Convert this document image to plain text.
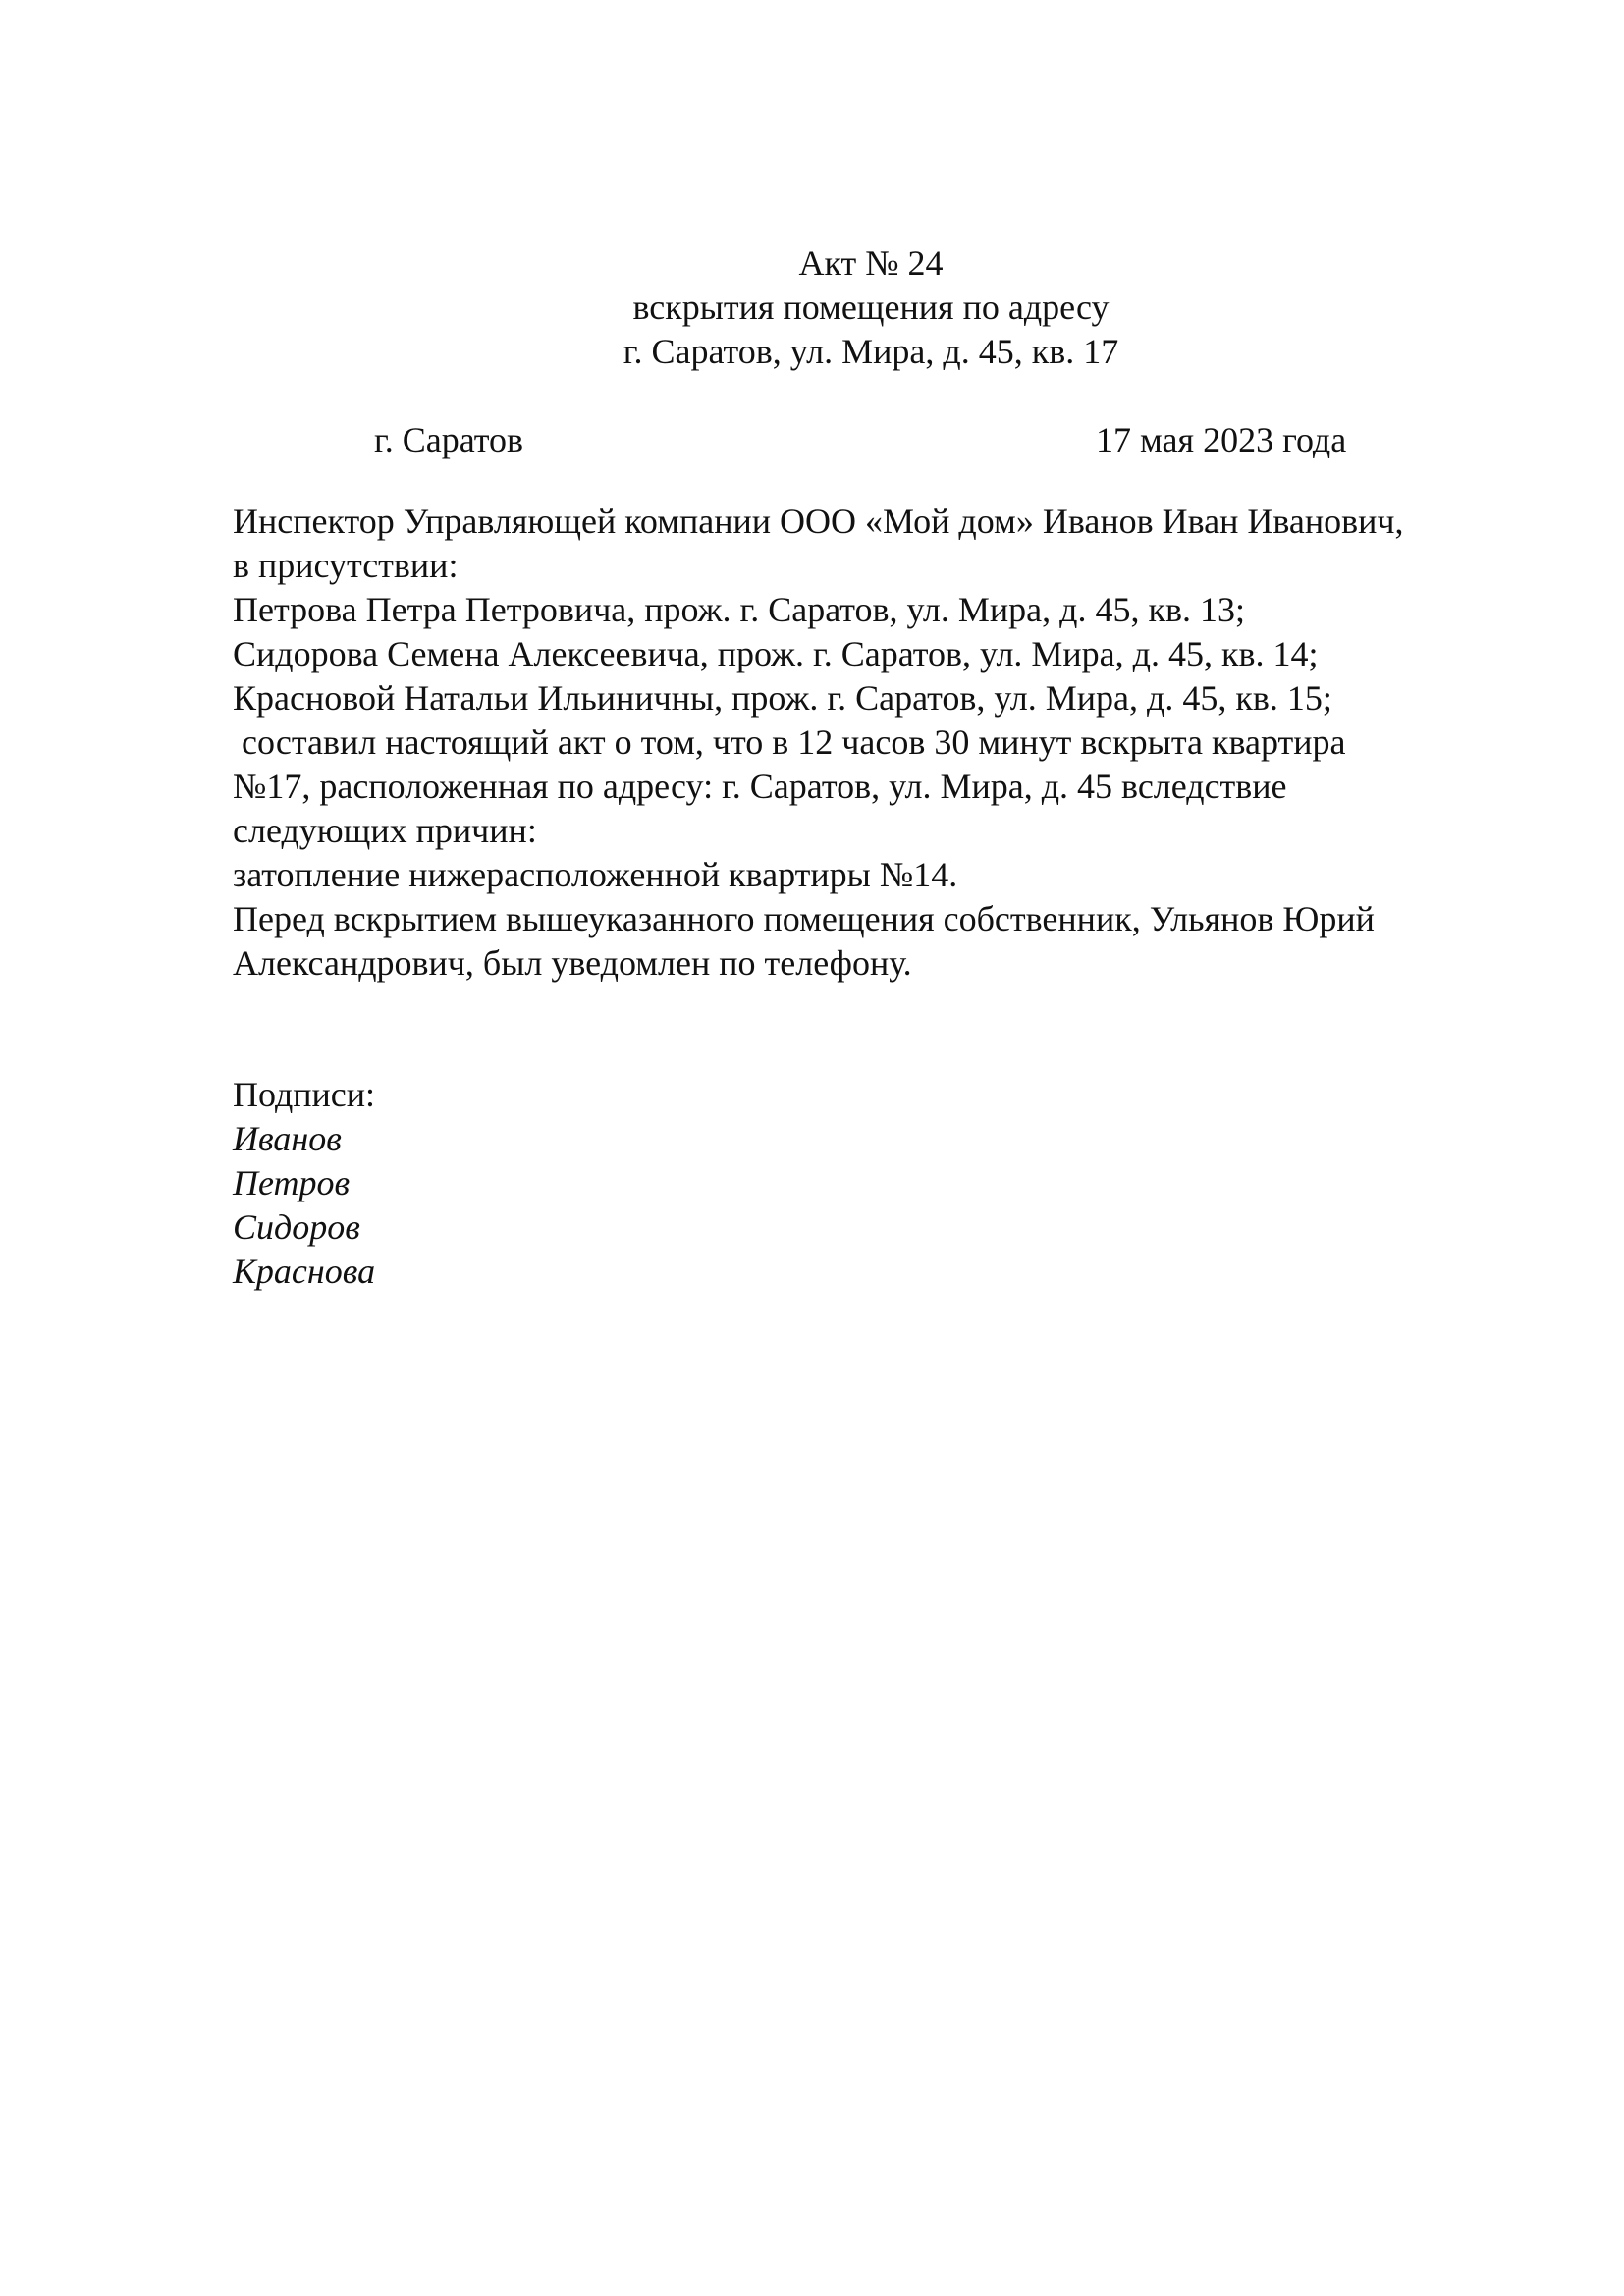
Акт № 24
вскрытия помещения по адресу
г. Саратов, ул. Мира, д. 45, кв. 17
г. Саратов	17 мая 2023 года
Инспектор Управляющей компании ООО «Мой дом» Иванов Иван Иванович,
в присутствии:
Петрова Петра Петровича, прож. г. Саратов, ул. Мира, д. 45, кв. 13;
Сидорова Семена Алексеевича, прож. г. Саратов, ул. Мира, д. 45, кв. 14;
Красновой Натальи Ильиничны, прож. г. Саратов, ул. Мира, д. 45, кв. 15;
составил настоящий акт о том, что в 12 часов 30 минут вскрыта квартира
№17, расположенная по адресу: г. Саратов, ул. Мира, д. 45 вследствие
следующих причин:
затопление нижерасположенной квартиры №14.
Перед вскрытием вышеуказанного помещения собственник, Ульянов Юрий
Александрович, был уведомлен по телефону.
Подписи:
Иванов
Петров
Сидоров
Краснова
